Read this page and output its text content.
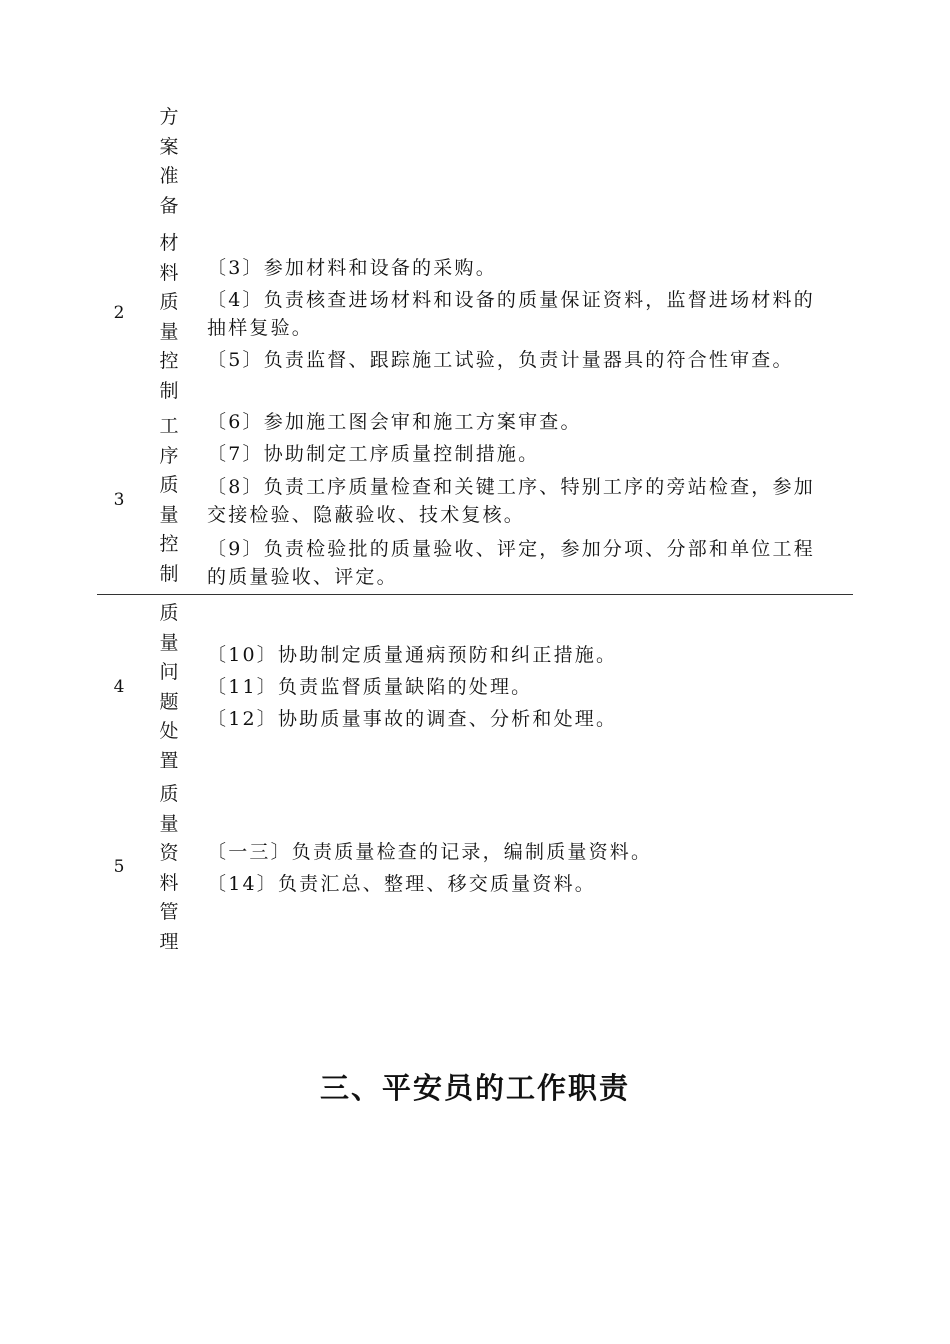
方
案
准
备
2
材
料
质
量
控
制
〔3〕参加材料和设备的采购。
〔4〕负责核查进场材料和设备的质量保证资料，监督进场材料的
抽样复验。
〔5〕负责监督、跟踪施工试验，负责计量器具的符合性审查。
3
工
序
质
量
控
制
〔6〕参加施工图会审和施工方案审查。
〔7〕协助制定工序质量控制措施。
〔8〕负责工序质量检查和关键工序、特别工序的旁站检查，参加
交接检验、隐蔽验收、技术复核。
〔9〕负责检验批的质量验收、评定，参加分项、分部和单位工程
的质量验收、评定。
4
质
量
问
题
处
置
〔10〕协助制定质量通病预防和纠正措施。
〔11〕负责监督质量缺陷的处理。
〔12〕协助质量事故的调查、分析和处理。
5
质
量
资
料
管
理
〔一三〕负责质量检查的记录，编制质量资料。
〔14〕负责汇总、整理、移交质量资料。
三、平安员的工作职责
